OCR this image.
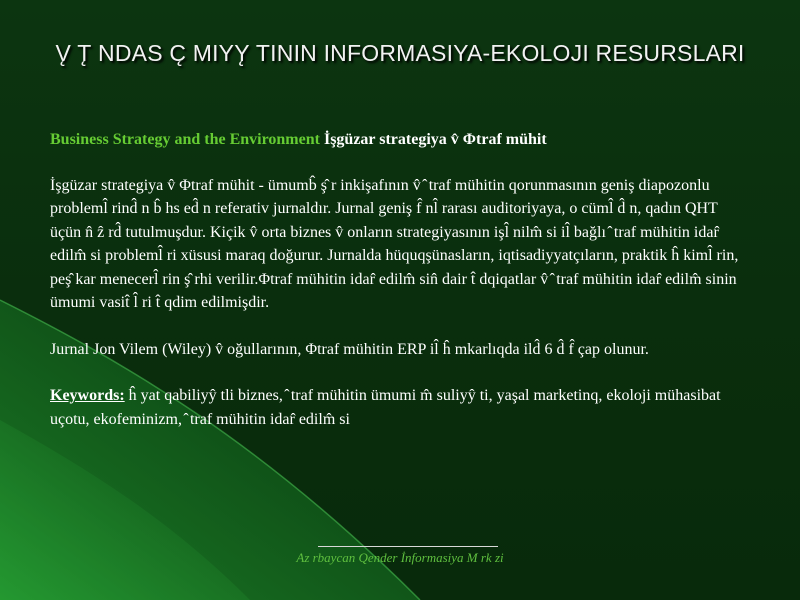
V̨ T̨ NDAS C̨ MIYY̨ TININ INFORMASIYA-EKOLOJI RESURSLARI

Business Strategy and the Environment İşgüzar strategiya v̂ Φtraf mühit

İşgüzar strategiya v̂ Φtraf mühit - ümumb̂ ş̂ r inkişafının v̂ ̂ traf mühitin qorunmasının geniş diapozonlu probleml̂ rind̂ n b̂ hs ed̂ n referativ jurnaldır. Jurnal geniş f̂ nl̂ rarası auditoriyaya, o cüml̂ d̂ n, qadın QHT üçün n̂ ẑ rd̂ tutulmuşdur. Kiçik v̂ orta biznes v̂ onların strategiyasının işl̂ nilm̂ si il̂ bağlı ̂ traf mühitin idar̂ edilm̂ si probleml̂ ri xüsusi maraq doğurur. Jurnalda hüquqşünasların, iqtisadiyyatçıların, praktik ĥ kiml̂ rin, peş̂ kar menecerl̂ rin ş̂ rhi verilir.Φtraf mühitin idar̂ edilm̂ sin̂ dair t̂ dqiqatlar v̂ ̂ traf mühitin idar̂ edilm̂ sinin ümumi vasit̂ l̂ ri t̂ qdim edilmişdir.

Jurnal Jon Vilem (Wiley) v̂ oğullarının, Φtraf mühitin ERP il̂ ĥ mkarlıqda ild̂ 6 d̂ f̂ çap olunur.

Keywords: ĥ yat qabiliyŷ tli biznes, ̂ traf mühitin ümumi m̂ suliyŷ ti, yaşal marketinq, ekoloji mühasibat uçotu, ekofeminizm, ̂ traf mühitin idar̂ edilm̂ si

Az rbaycan Qender İnformasiya M rk zi
